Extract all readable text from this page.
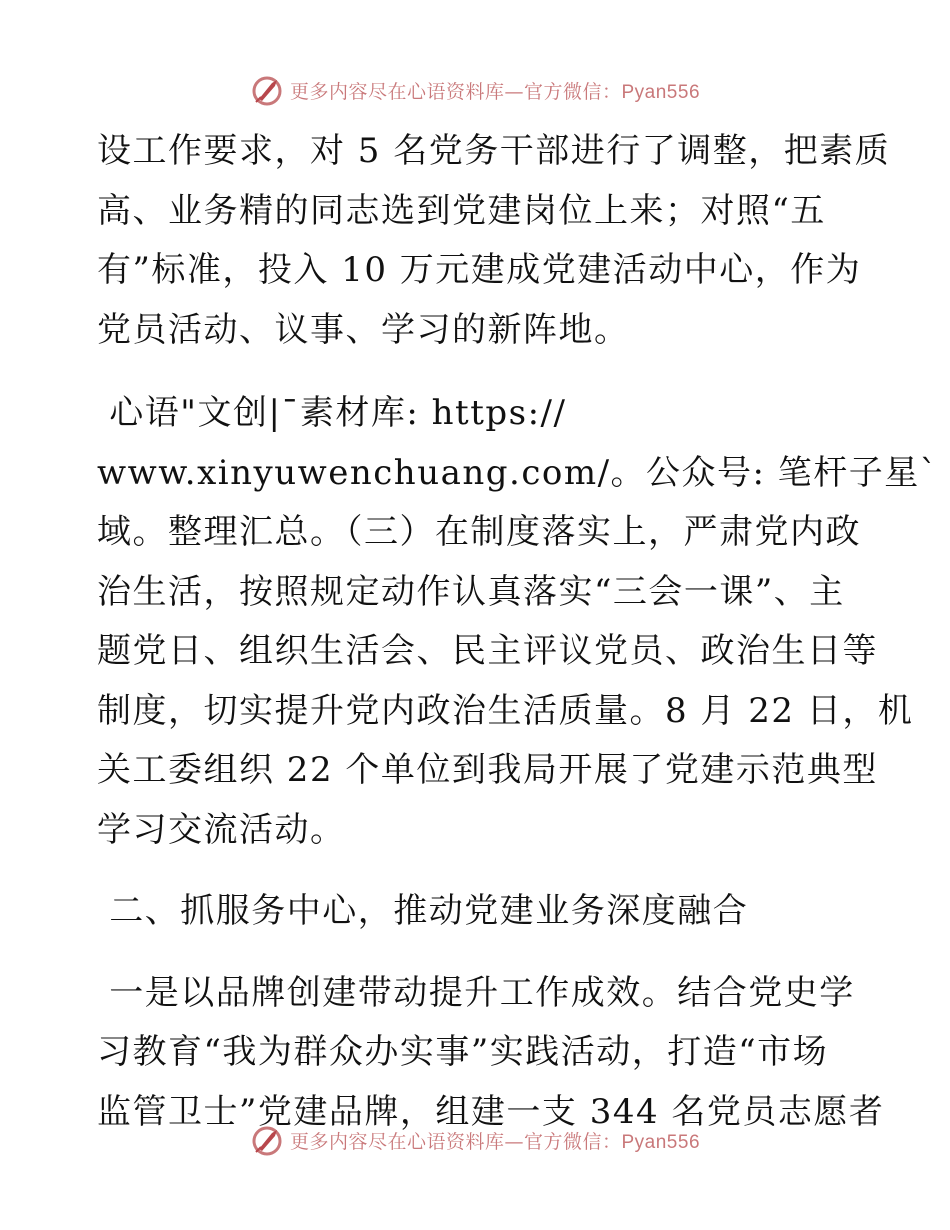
更多内容尽在心语资料库—官方微信：Pyan556

设工作要求，对 5 名党务干部进行了调整，把素质

高、业务精的同志选到党建岗位上来；对照“五

有”标准，投入 10 万元建成党建活动中心，作为

党员活动、议事、学习的新阵地。

心语"文创|¯素材库: https://

www.xinyuwenchuang.com/。公众号: 笔杆子星`

域。整理汇总。（三）在制度落实上，严肃党内政

治生活，按照规定动作认真落实“三会一课”、主

题党日、组织生活会、民主评议党员、政治生日等

制度，切实提升党内政治生活质量。8 月 22 日，机

关工委组织 22 个单位到我局开展了党建示范典型

学习交流活动。

二、抓服务中心，推动党建业务深度融合

一是以品牌创建带动提升工作成效。结合党史学

习教育“我为群众办实事”实践活动，打造“市场

监管卫士”党建品牌，组建一支 344 名党员志愿者

更多内容尽在心语资料库—官方微信：Pyan556
